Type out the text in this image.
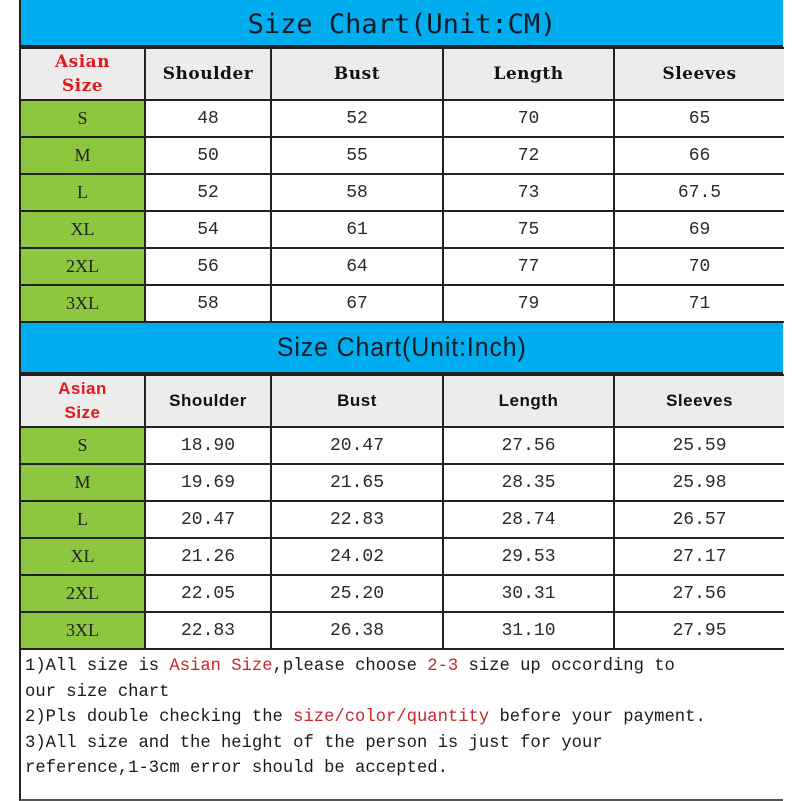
Size Chart(Unit:CM)
Asian
Size	Shoulder	Bust	Length	Sleeves
S	48	52	70	65
M	50	55	72	66
L	52	58	73	67.5
XL	54	61	75	69
2XL	56	64	77	70
3XL	58	67	79	71
Size Chart(Unit:Inch)
Asian
Size	Shoulder	Bust	Length	Sleeves
S	18.90	20.47	27.56	25.59
M	19.69	21.65	28.35	25.98
L	20.47	22.83	28.74	26.57
XL	21.26	24.02	29.53	27.17
2XL	22.05	25.20	30.31	27.56
3XL	22.83	26.38	31.10	27.95
1)All size is Asian Size,please choose 2-3 size up occording to
our size chart
2)Pls double checking the size/color/quantity before your payment.
3)All size and the height of the person is just for your
reference,1-3cm error should be accepted.
